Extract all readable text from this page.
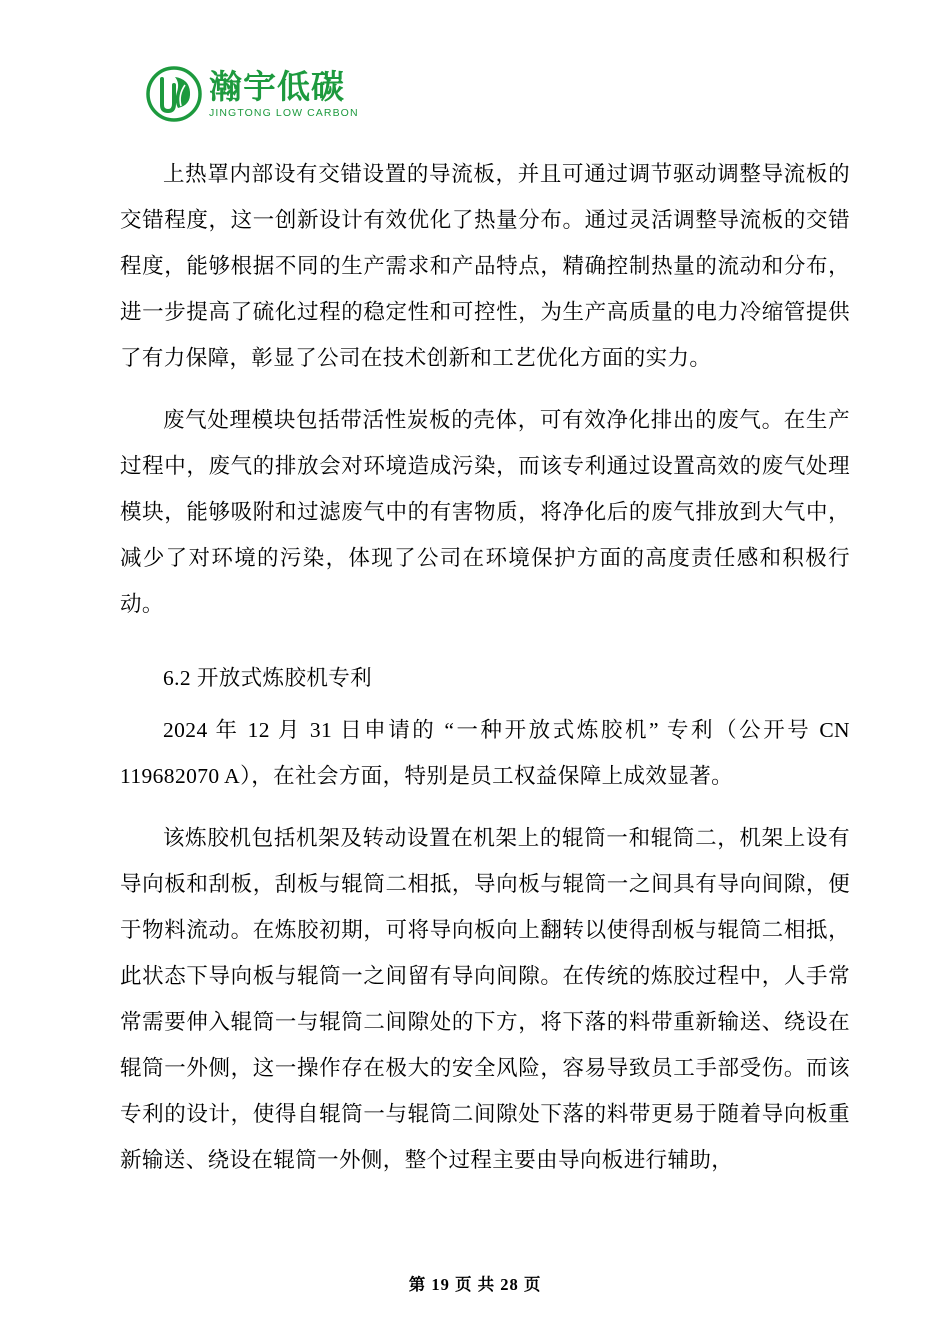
瀚宇低碳
JINGTONG LOW CARBON

上热罩内部设有交错设置的导流板，并且可通过调节驱动调整导流板的交错程度，这一创新设计有效优化了热量分布。通过灵活调整导流板的交错程度，能够根据不同的生产需求和产品特点，精确控制热量的流动和分布，进一步提高了硫化过程的稳定性和可控性，为生产高质量的电力冷缩管提供了有力保障，彰显了公司在技术创新和工艺优化方面的实力。

废气处理模块包括带活性炭板的壳体，可有效净化排出的废气。在生产过程中，废气的排放会对环境造成污染，而该专利通过设置高效的废气处理模块，能够吸附和过滤废气中的有害物质，将净化后的废气排放到大气中，减少了对环境的污染，体现了公司在环境保护方面的高度责任感和积极行动。

6.2 开放式炼胶机专利

2024 年 12 月 31 日申请的 “一种开放式炼胶机” 专利（公开号 CN 119682070 A），在社会方面，特别是员工权益保障上成效显著。

该炼胶机包括机架及转动设置在机架上的辊筒一和辊筒二，机架上设有导向板和刮板，刮板与辊筒二相抵，导向板与辊筒一之间具有导向间隙，便于物料流动。在炼胶初期，可将导向板向上翻转以使得刮板与辊筒二相抵，此状态下导向板与辊筒一之间留有导向间隙。在传统的炼胶过程中，人手常常需要伸入辊筒一与辊筒二间隙处的下方，将下落的料带重新输送、绕设在辊筒一外侧，这一操作存在极大的安全风险，容易导致员工手部受伤。而该专利的设计，使得自辊筒一与辊筒二间隙处下落的料带更易于随着导向板重新输送、绕设在辊筒一外侧，整个过程主要由导向板进行辅助，

第 19 页 共 28 页
